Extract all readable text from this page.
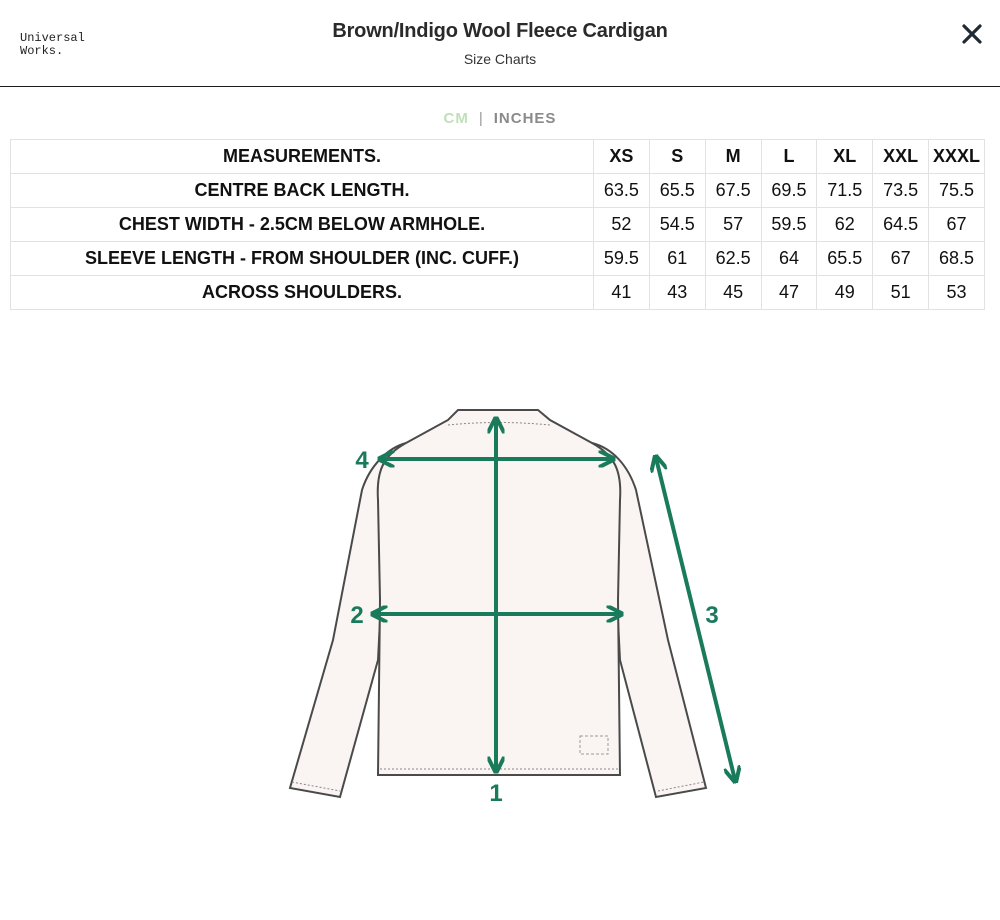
Universal
Works.
Brown/Indigo Wool Fleece Cardigan
Size Charts
CM | INCHES
MEASUREMENTS.	XS	S	M	L	XL	XXL	XXXL
CENTRE BACK LENGTH.	63.5	65.5	67.5	69.5	71.5	73.5	75.5
CHEST WIDTH - 2.5CM BELOW ARMHOLE.	52	54.5	57	59.5	62	64.5	67
SLEEVE LENGTH - FROM SHOULDER (INC. CUFF.)	59.5	61	62.5	64	65.5	67	68.5
ACROSS SHOULDERS.	41	43	45	47	49	51	53
1
2	3
4
